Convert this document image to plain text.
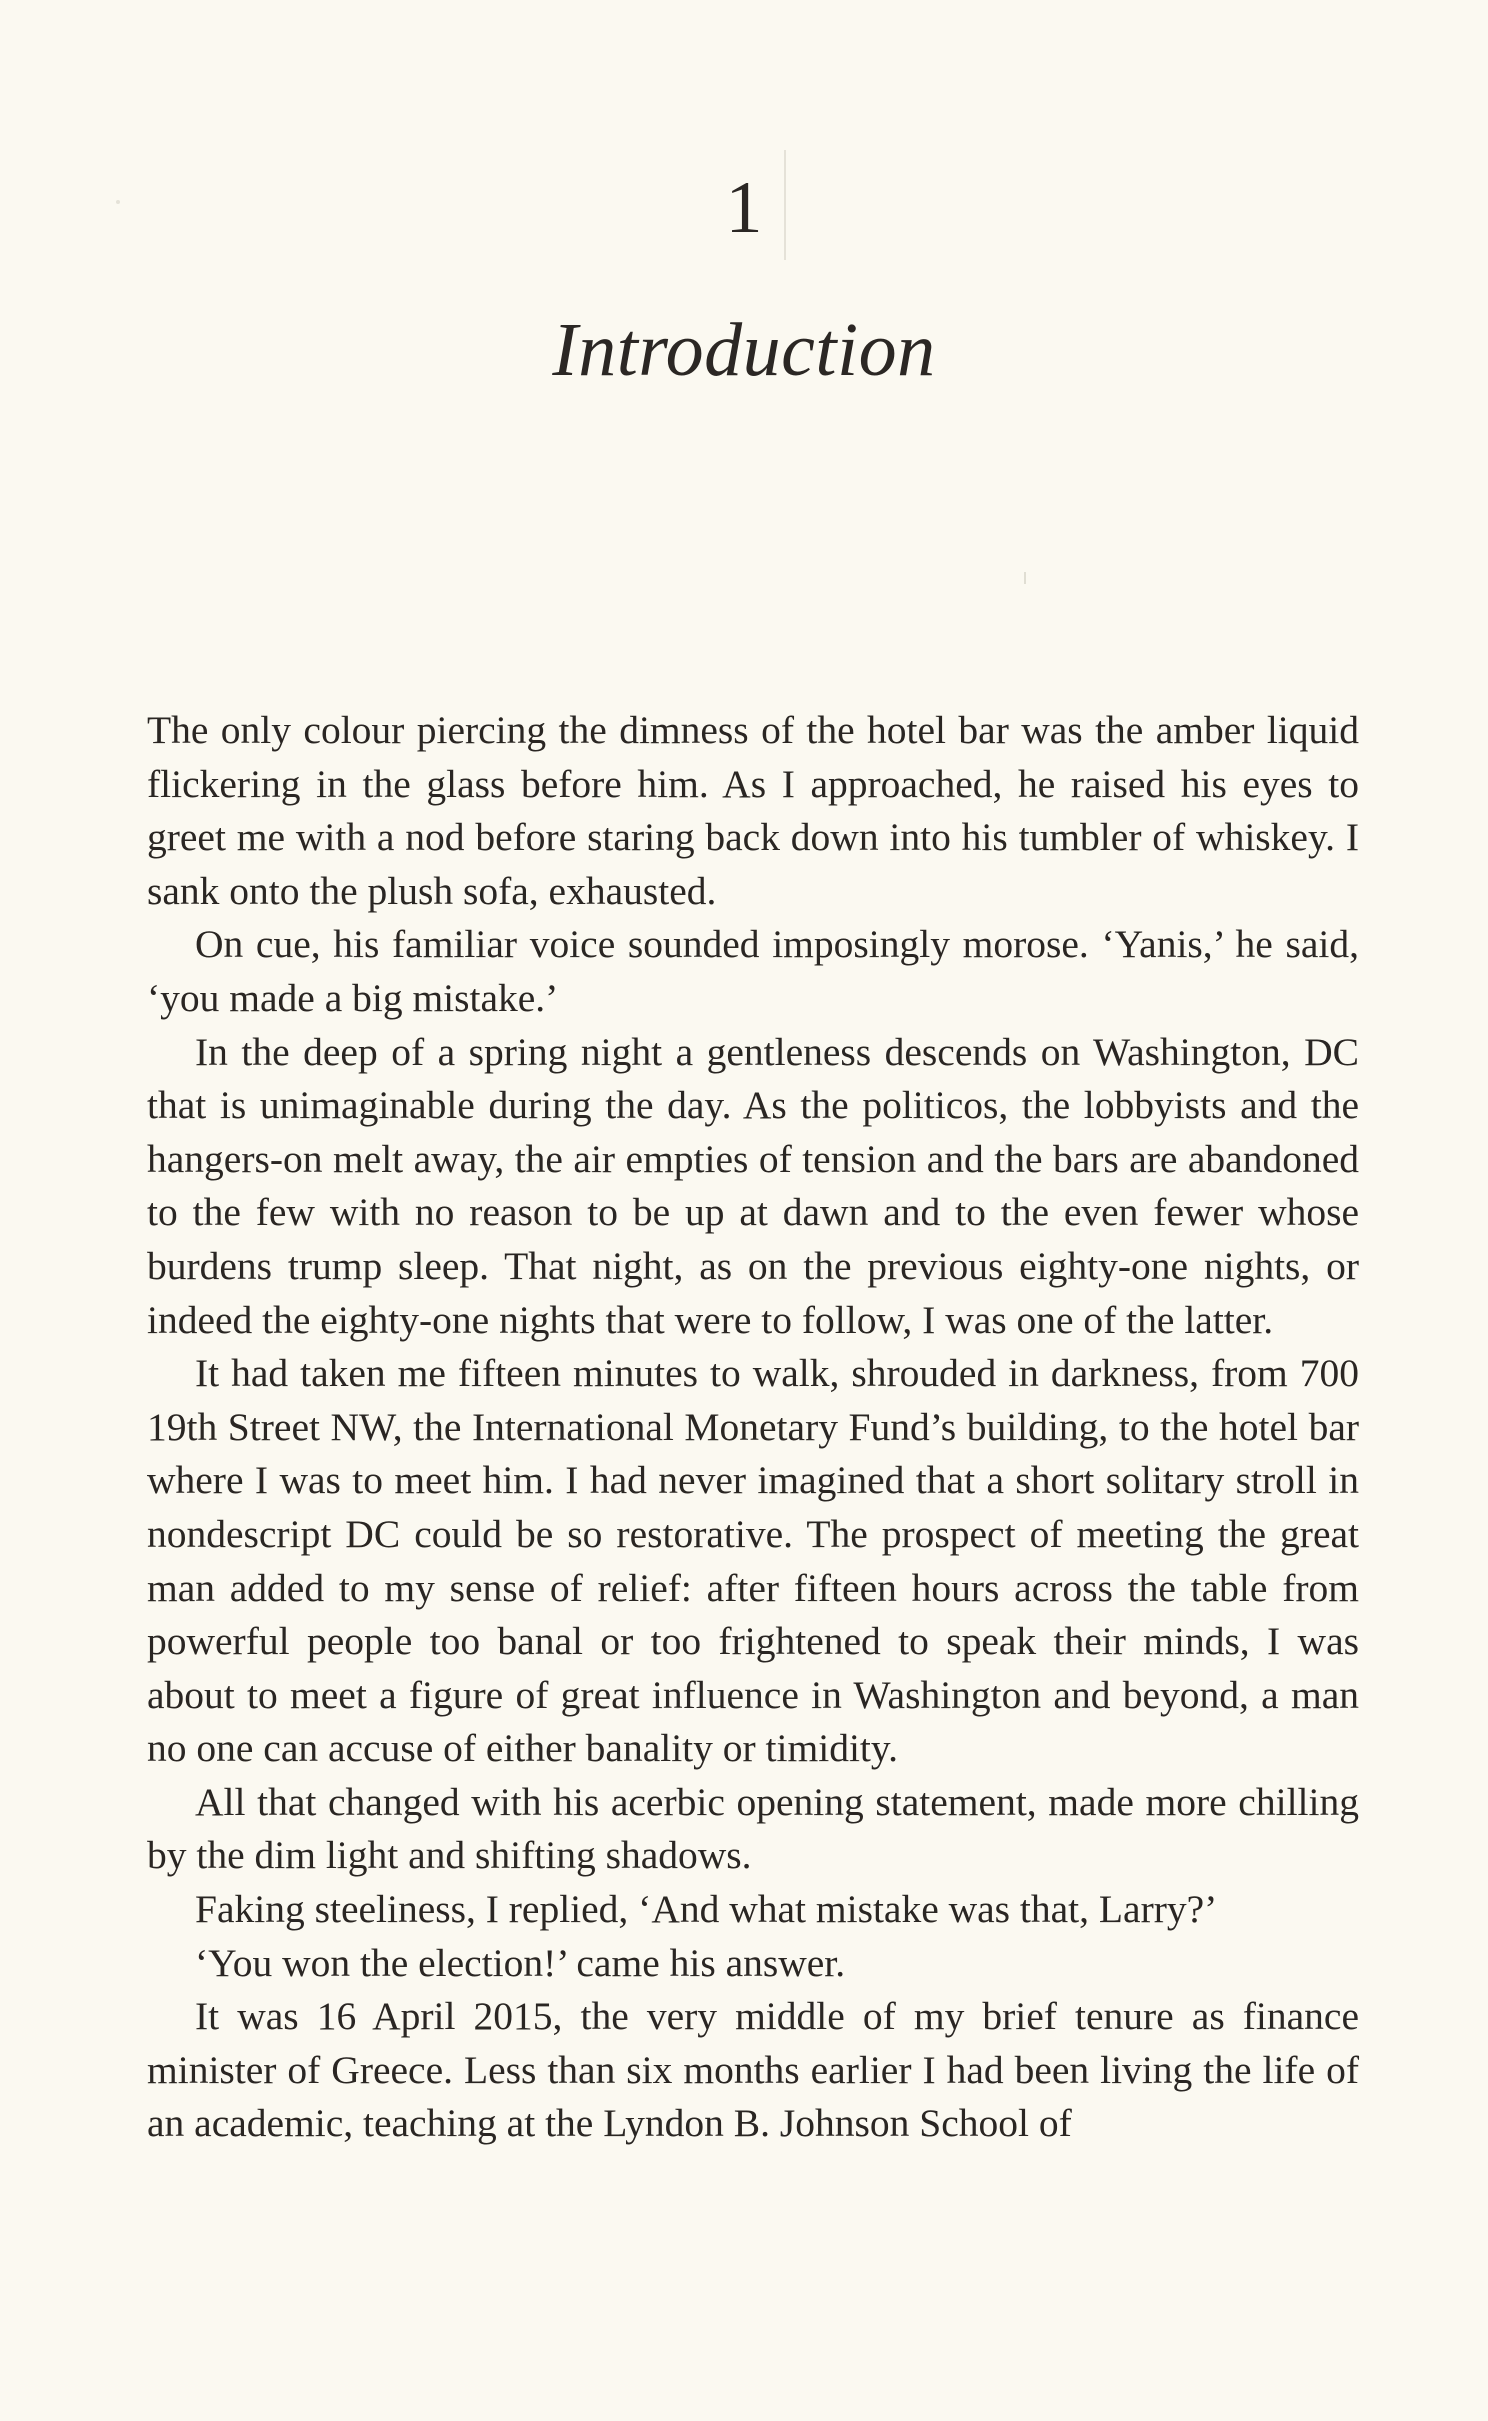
1
Introduction

The only colour piercing the dimness of the hotel bar was the amber liquid flickering in the glass before him. As I approached, he raised his eyes to greet me with a nod before staring back down into his tumbler of whiskey. I sank onto the plush sofa, exhausted.

On cue, his familiar voice sounded imposingly morose. ‘Yanis,’ he said, ‘you made a big mistake.’

In the deep of a spring night a gentleness descends on Washington, DC that is unimaginable during the day. As the politicos, the lobbyists and the hangers-on melt away, the air empties of tension and the bars are abandoned to the few with no reason to be up at dawn and to the even fewer whose burdens trump sleep. That night, as on the previous eighty-one nights, or indeed the eighty-one nights that were to follow, I was one of the latter.

It had taken me fifteen minutes to walk, shrouded in darkness, from 700 19th Street NW, the International Monetary Fund’s building, to the hotel bar where I was to meet him. I had never imagined that a short solitary stroll in nondescript DC could be so restorative. The prospect of meeting the great man added to my sense of relief: after fifteen hours across the table from powerful people too banal or too frightened to speak their minds, I was about to meet a figure of great influence in Washington and beyond, a man no one can accuse of either banality or timidity.

All that changed with his acerbic opening statement, made more chilling by the dim light and shifting shadows.

Faking steeliness, I replied, ‘And what mistake was that, Larry?’

‘You won the election!’ came his answer.

It was 16 April 2015, the very middle of my brief tenure as finance minister of Greece. Less than six months earlier I had been living the life of an academic, teaching at the Lyndon B. Johnson School of
